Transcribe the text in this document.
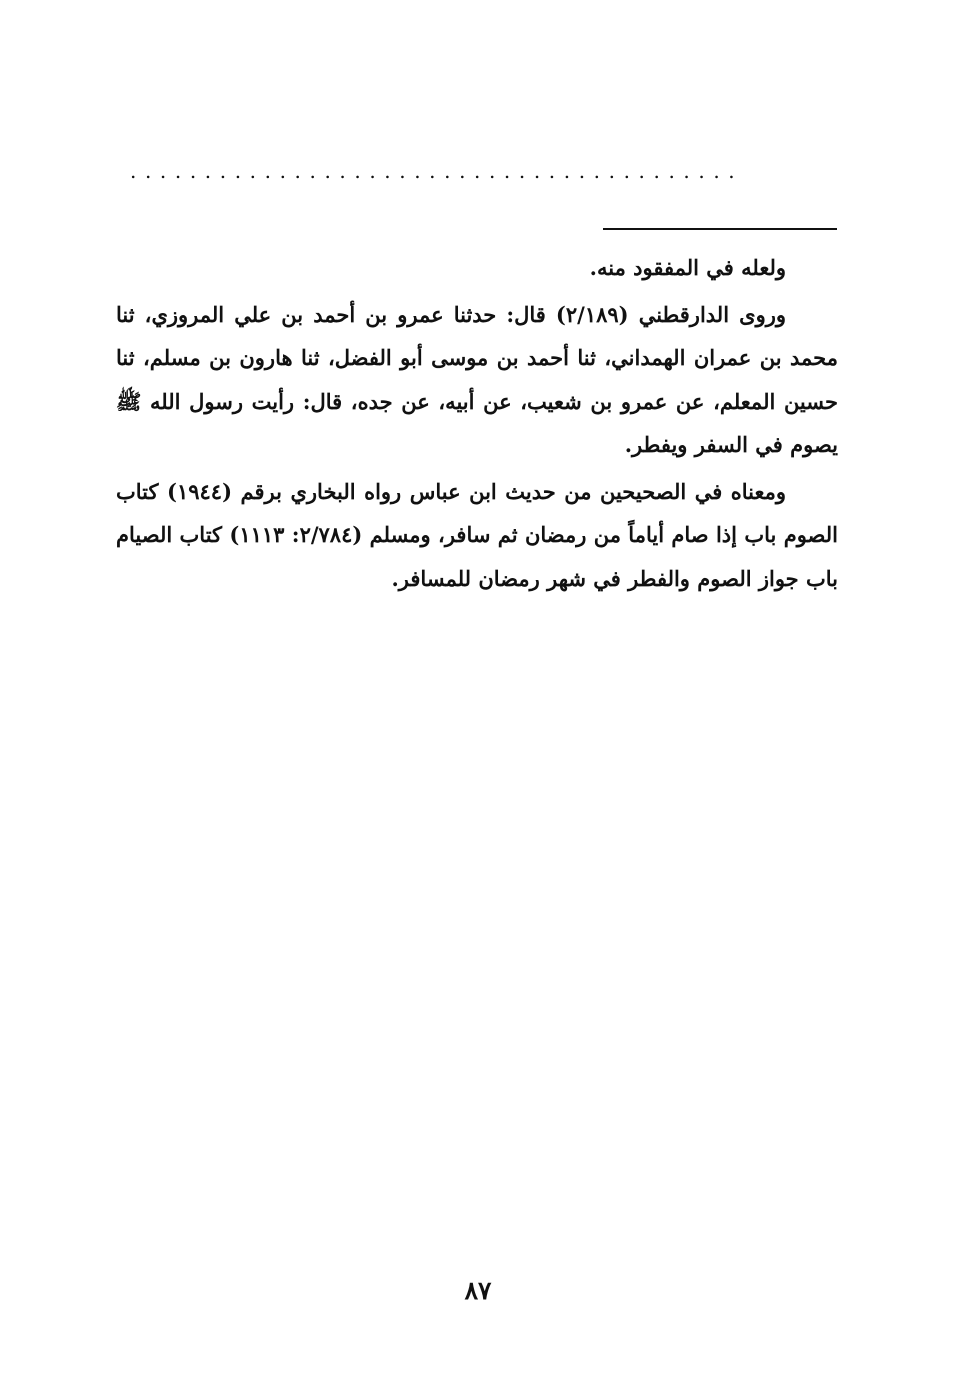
.........................................

ولعله في المفقود منه.

وروى الدارقطني (٢/١٨٩) قال: حدثنا عمرو بن أحمد بن علي المروزي، ثنا محمد بن عمران الهمداني، ثنا أحمد بن موسى أبو الفضل، ثنا هارون بن مسلم، ثنا حسين المعلم، عن عمرو بن شعيب، عن أبيه، عن جده، قال: رأيت رسول الله ﷺ يصوم في السفر ويفطر.

ومعناه في الصحيحين من حديث ابن عباس رواه البخاري برقم (١٩٤٤) كتاب الصوم باب إذا صام أياماً من رمضان ثم سافر، ومسلم (٢/٧٨٤: ١١١٣) كتاب الصيام باب جواز الصوم والفطر في شهر رمضان للمسافر.

٨٧
